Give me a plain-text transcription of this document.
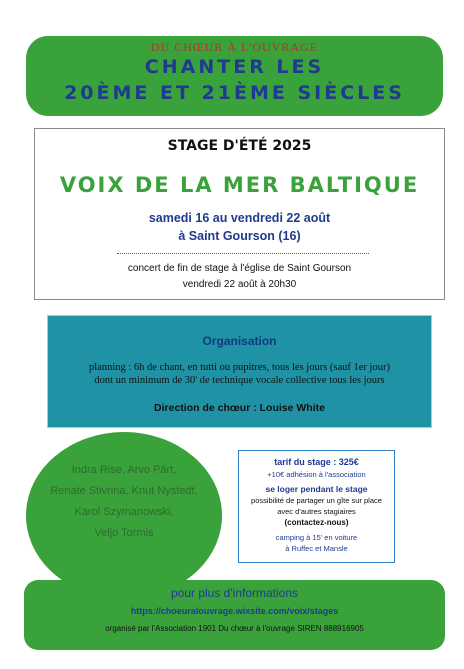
DU CHŒUR À L'OUVRAGE
CHANTER LES
20ÈME ET 21ÈME SIÈCLES
STAGE D'ÉTÉ 2025
VOIX DE LA MER BALTIQUE
samedi 16 au vendredi 22 août
à Saint Gourson (16)
concert de fin de stage à l'église de Saint Gourson
vendredi 22 août à 20h30
Organisation
planning : 6h de chant, en tutti ou pupitres, tous les jours (sauf 1er jour)
dont un minimum de 30' de technique vocale collective tous les jours
Direction de chœur : Louise White
Indra Rise, Arvo Pärt,
Renate Stivrina, Knut Nystedt,
Karol Szymanowski,
Veljo Tormis
tarif du stage : 325€
+10€ adhésion à l'association
se loger pendant le stage
possibilité de partager un gîte sur place
avec d'autres stagiaires
(contactez-nous)
camping à 15' en voiture
à Ruffec et Mansle
pour plus d'informations
https://choeuralouvrage.wixsite.com/voix/stages
organisé par l'Association 1901 Du chœur à l'ouvrage SIREN 888916905
